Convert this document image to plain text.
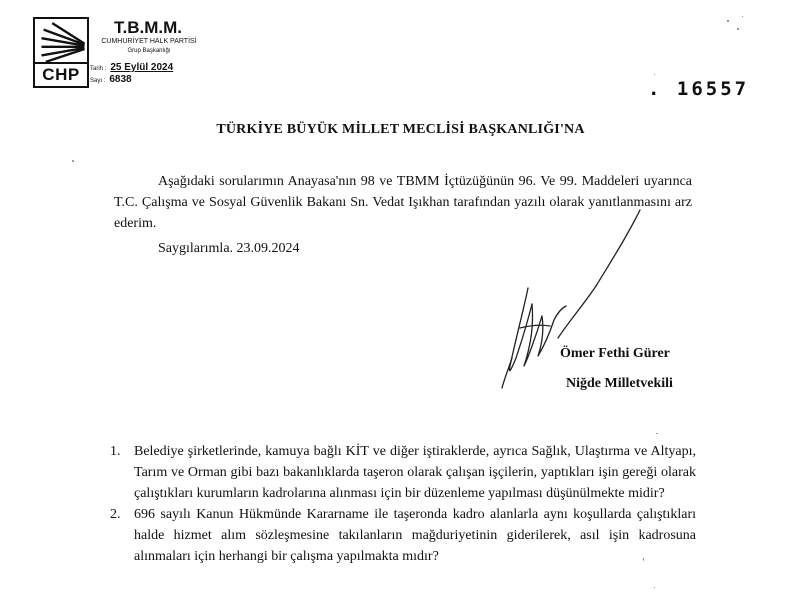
CHP
T.B.M.M.
CUMHURİYET HALK PARTİSİ
Grup Başkanlığı
Tarih : 25 Eylül 2024
Sayı : 6838	. 16557
TÜRKİYE BÜYÜK MİLLET MECLİSİ BAŞKANLIĞI'NA
Aşağıdaki sorularımın Anayasa'nın 98 ve TBMM İçtüzüğünün 96. Ve 99. Maddeleri uyarınca T.C. Çalışma ve Sosyal Güvenlik Bakanı Sn. Vedat Işıkhan tarafından yazılı olarak yanıtlanmasını arz ederim.
Saygılarımla. 23.09.2024
Ömer Fethi Gürer
Niğde Milletvekili
1. Belediye şirketlerinde, kamuya bağlı KİT ve diğer iştiraklerde, ayrıca Sağlık, Ulaştırma ve Altyapı, Tarım ve Orman gibi bazı bakanlıklarda taşeron olarak çalışan işçilerin, yaptıkları işin gereği olarak çalıştıkları kurumların kadrolarına alınması için bir düzenleme yapılması düşünülmekte midir?
2. 696 sayılı Kanun Hükmünde Kararname ile taşeronda kadro alanlarla aynı koşullarda çalıştıkları halde hizmet alım sözleşmesine takılanların mağduriyetinin giderilerek, asıl işin kadrosuna alınmaları için herhangi bir çalışma yapılmakta mıdır?
